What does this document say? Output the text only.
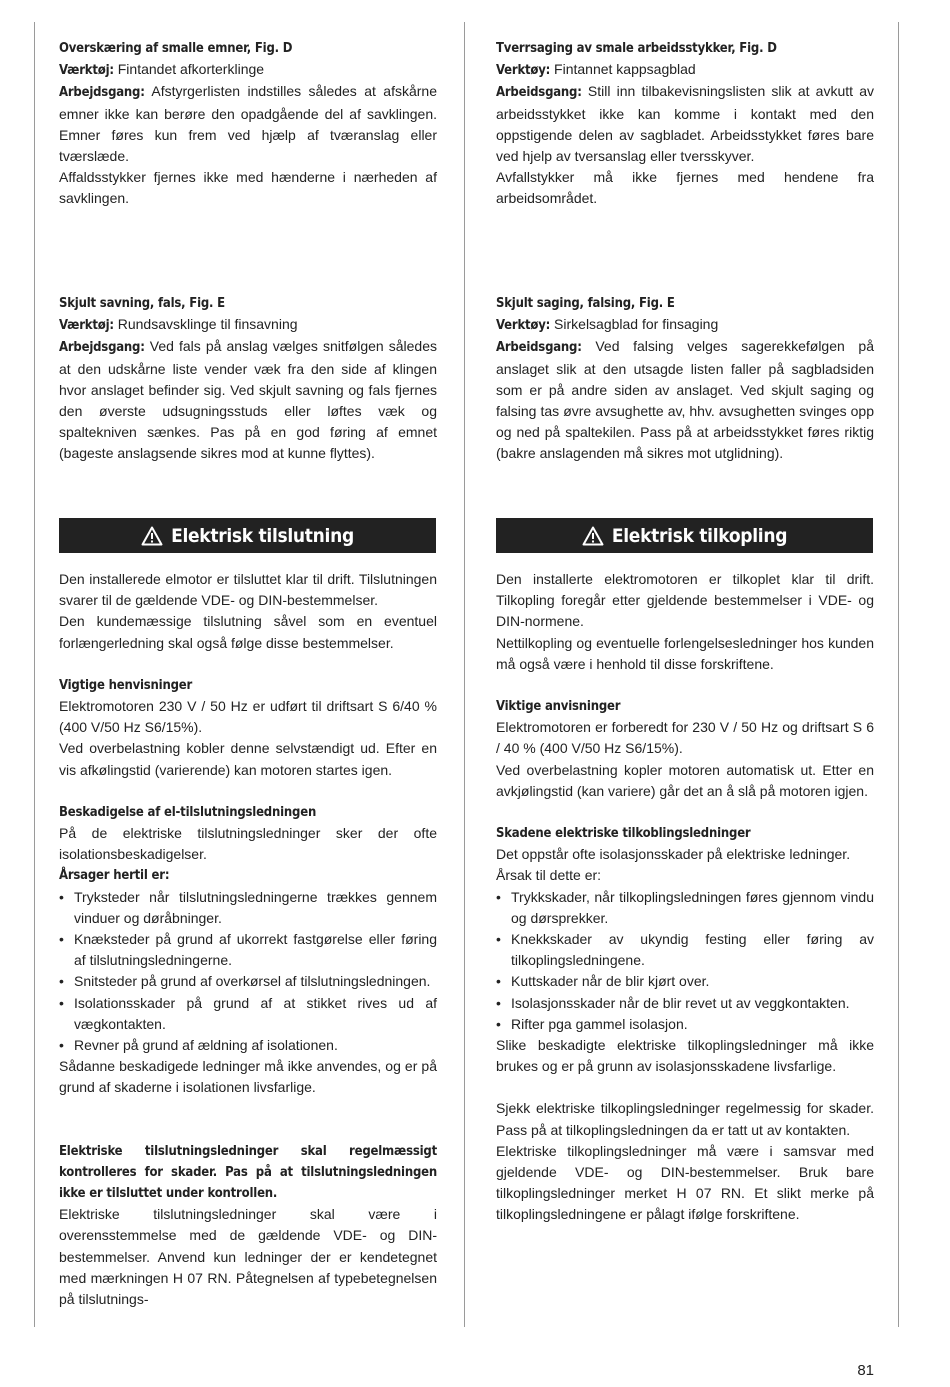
Overskæring af smalle emner, Fig. D

Værktøj: Fintandet afkorterklinge

Arbejdsgang: Afstyrgerlisten indstilles således at afskårne emner ikke kan berøre den opadgående del af savklingen. Emner føres kun frem ved hjælp af tværanslag eller tværslæde.

Affaldsstykker fjernes ikke med hænderne i nærheden af savklingen.

Tverrsaging av smale arbeidsstykker, Fig. D

Verktøy: Fintannet kappsagblad

Arbeidsgang: Still inn tilbakevisningslisten slik at avkutt av arbeidsstykket ikke kan komme i kontakt med den oppstigende delen av sagbladet. Arbeidsstykket føres bare ved hjelp av tversanslag eller tversskyver.

Avfallstykker må ikke fjernes med hendene fra arbeidsområdet.

Skjult savning, fals, Fig. E

Værktøj: Rundsavsklinge til finsavning

Arbejdsgang: Ved fals på anslag vælges snitfølgen således at den udskårne liste vender væk fra den side af klingen hvor anslaget befinder sig. Ved skjult savning og fals fjernes den øverste udsugningsstuds eller løftes væk og spaltekniven sænkes. Pas på en god føring af emnet (bageste anslagsende sikres mod at kunne flyttes).

Skjult saging, falsing, Fig. E

Verktøy: Sirkelsagblad for finsaging

Arbeidsgang: Ved falsing velges sagerekkefølgen på anslaget slik at den utsagde listen faller på sagbladsiden som er på andre siden av anslaget. Ved skjult saging og falsing tas øvre avsughette av, hhv. avsughetten svinges opp og ned på spaltekilen. Pass på at arbeidsstykket føres riktig (bakre anslagenden må sikres mot utglidning).

Elektrisk tilslutning	Elektrisk tilkopling

Den installerede elmotor er tilsluttet klar til drift. Tilslutningen svarer til de gældende VDE- og DIN-bestemmelser.

Den kundemæssige tilslutning såvel som en eventuel forlængerledning skal også følge disse bestemmelser.

Vigtige henvisninger

Elektromotoren 230 V / 50 Hz er udført til driftsart S 6/40 % (400 V/50 Hz S6/15%).

Ved overbelastning kobler denne selvstændigt ud. Efter en vis afkølingstid (varierende) kan motoren startes igen.

Beskadigelse af el-tilslutningsledningen

På de elektriske tilslutningsledninger sker der ofte isolationsbeskadigelser.

Årsager hertil er:

• Tryksteder når tilslutningsledningerne trækkes gennem vinduer og døråbninger.
• Knæksteder på grund af ukorrekt fastgørelse eller føring af tilslutningsledningerne.
• Snitsteder på grund af overkørsel af tilslutningsledningen.
• Isolationsskader på grund af at stikket rives ud af vægkontakten.
• Revner på grund af ældning af isolationen.

Sådanne beskadigede ledninger må ikke anvendes, og er på grund af skaderne i isolationen livsfarlige.

Elektriske tilslutningsledninger skal regelmæssigt kontrolleres for skader. Pas på at tilslutningsledningen ikke er tilsluttet under kontrollen.

Elektriske tilslutningsledninger skal være i overensstemmelse med de gældende VDE- og DIN-bestemmelser. Anvend kun ledninger der er kendetegnet med mærkningen H 07 RN. Påtegnelsen af typebetegnelsen på tilslutnings-

Den installerte elektromotoren er tilkoplet klar til drift. Tilkopling foregår etter gjeldende bestemmelser i VDE- og DIN-normene.

Nettilkopling og eventuelle forlengelsesledninger hos kunden må også være i henhold til disse forskriftene.

Viktige anvisninger

Elektromotoren er forberedt for 230 V / 50 Hz og driftsart S 6 / 40 % (400 V/50 Hz S6/15%).

Ved overbelastning kopler motoren automatisk ut. Etter en avkjølingstid (kan variere) går det an å slå på motoren igjen.

Skadene elektriske tilkoblingsledninger

Det oppstår ofte isolasjonsskader på elektriske ledninger.

Årsak til dette er:

• Trykkskader, når tilkoplingsledningen føres gjennom vindu og dørsprekker.
• Knekkskader av ukyndig festing eller føring av tilkoplingsledningene.
• Kuttskader når de blir kjørt over.
• Isolasjonsskader når de blir revet ut av veggkontakten.
• Rifter pga gammel isolasjon.

Slike beskadigte elektriske tilkoplingsledninger må ikke brukes og er på grunn av isolasjonsskadene livsfarlige.

Sjekk elektriske tilkoplingsledninger regelmessig for skader. Pass på at tilkoplingsledningen da er tatt ut av kontakten.

Elektriske tilkoplingsledninger må være i samsvar med gjeldende VDE- og DIN-bestemmelser. Bruk bare tilkoplingsledninger merket H 07 RN. Et slikt merke på tilkoplingsledningene er pålagt ifølge forskriftene.

81
